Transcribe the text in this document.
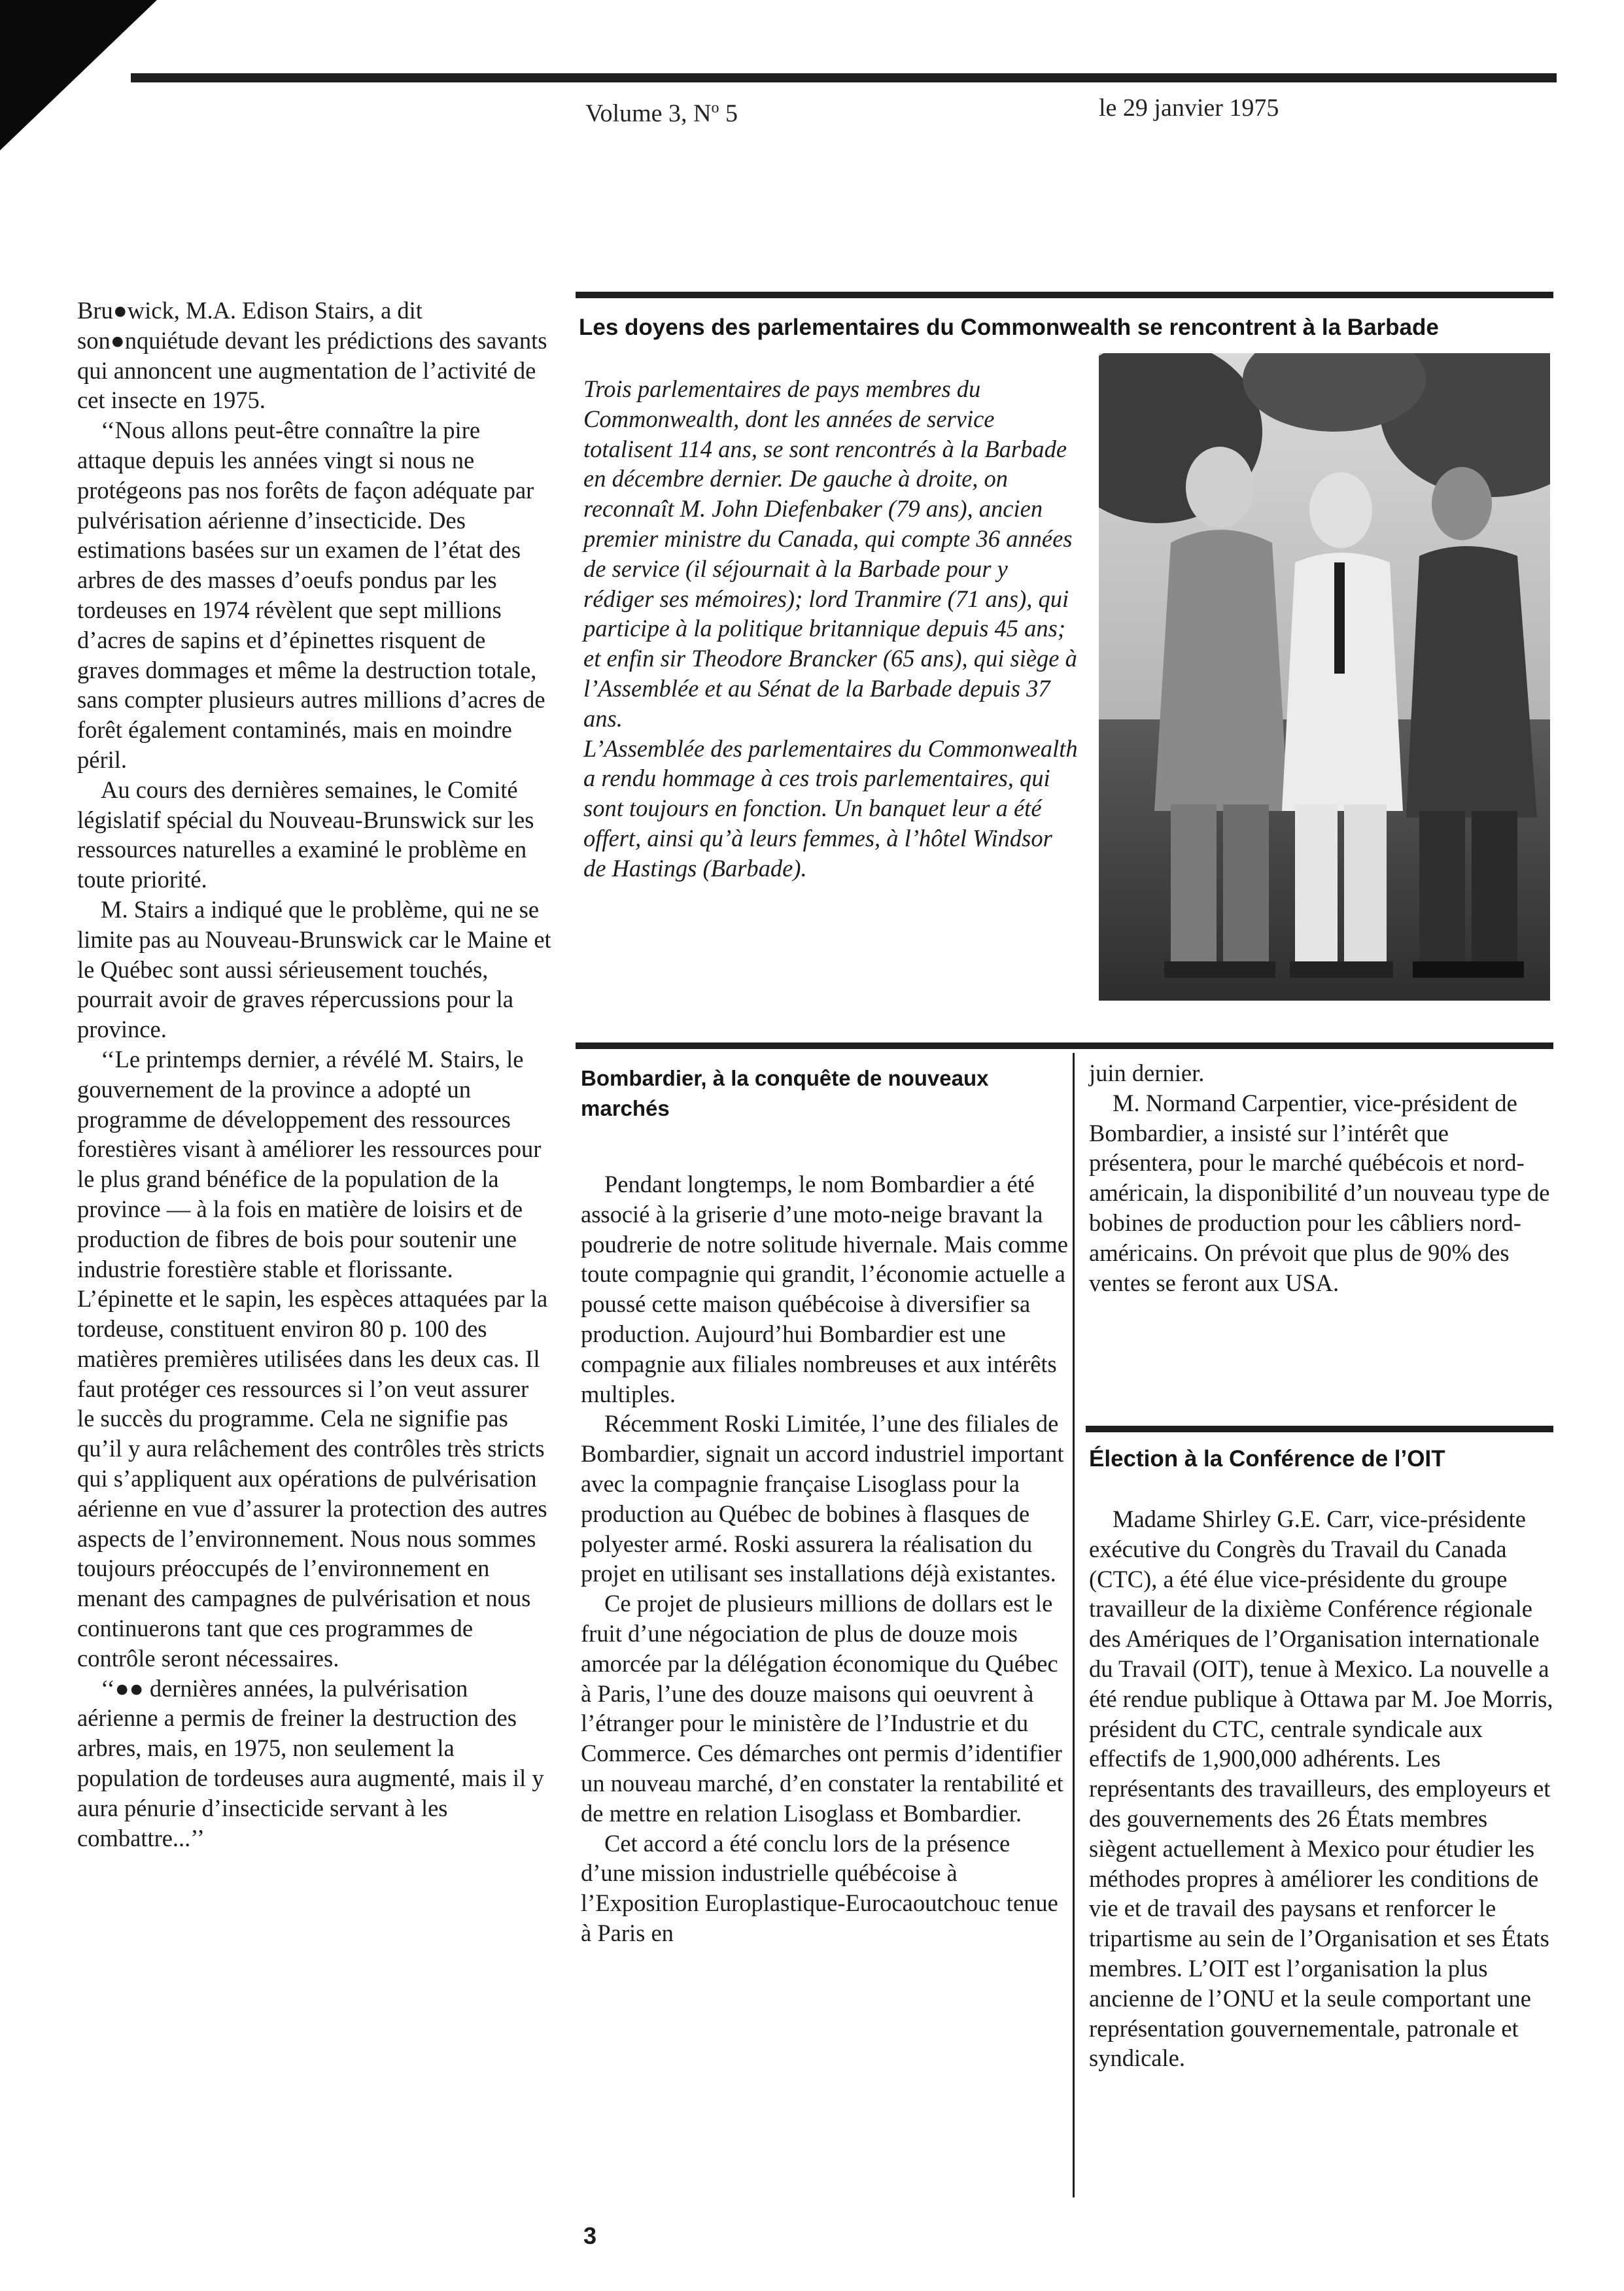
Volume 3, $N^o$ 5	le 29 janvier 1975

Bru●wick, M.A. Edison Stairs, a dit son●nquiétude devant les prédictions des savants qui annoncent une augmentation de l’activité de cet insecte en 1975.

‘‘Nous allons peut-être connaître la pire attaque depuis les années vingt si nous ne protégeons pas nos forêts de façon adéquate par pulvérisation aérienne d’insecticide. Des estimations basées sur un examen de l’état des arbres de des masses d’oeufs pondus par les tordeuses en 1974 révèlent que sept millions d’acres de sapins et d’épinettes risquent de graves dommages et même la destruction totale, sans compter plusieurs autres millions d’acres de forêt également contaminés, mais en moindre péril.

Au cours des dernières semaines, le Comité législatif spécial du Nouveau-Brunswick sur les ressources naturelles a examiné le problème en toute priorité.

M. Stairs a indiqué que le problème, qui ne se limite pas au Nouveau-Brunswick car le Maine et le Québec sont aussi sérieusement touchés, pourrait avoir de graves répercussions pour la province.

‘‘Le printemps dernier, a révélé M. Stairs, le gouvernement de la province a adopté un programme de développement des ressources forestières visant à améliorer les ressources pour le plus grand bénéfice de la population de la province — à la fois en matière de loisirs et de production de fibres de bois pour soutenir une industrie forestière stable et florissante. L’épinette et le sapin, les espèces attaquées par la tordeuse, constituent environ 80 p. 100 des matières premières utilisées dans les deux cas. Il faut protéger ces ressources si l’on veut assurer le succès du programme. Cela ne signifie pas qu’il y aura relâchement des contrôles très stricts qui s’appliquent aux opérations de pulvérisation aérienne en vue d’assurer la protection des autres aspects de l’environnement. Nous nous sommes toujours préoccupés de l’environnement en menant des campagnes de pulvérisation et nous continuerons tant que ces programmes de contrôle seront nécessaires.

‘‘●● dernières années, la pulvérisation aérienne a permis de freiner la destruction des arbres, mais, en 1975, non seulement la population de tordeuses aura augmenté, mais il y aura pénurie d’insecticide servant à les combattre...’’

Les doyens des parlementaires du Commonwealth se rencontrent à la Barbade

Trois parlementaires de pays membres du Commonwealth, dont les années de service totalisent 114 ans, se sont rencontrés à la Barbade en décembre dernier. De gauche à droite, on reconnaît M. John Diefenbaker (79 ans), ancien premier ministre du Canada, qui compte 36 années de service (il séjournait à la Barbade pour y rédiger ses mémoires); lord Tranmire (71 ans), qui participe à la politique britannique depuis 45 ans; et enfin sir Theodore Brancker (65 ans), qui siège à l’Assemblée et au Sénat de la Barbade depuis 37 ans.

L’Assemblée des parlementaires du Commonwealth a rendu hommage à ces trois parlementaires, qui sont toujours en fonction. Un banquet leur a été offert, ainsi qu’à leurs femmes, à l’hôtel Windsor de Hastings (Barbade).

Bombardier, à la conquête de nouveaux marchés

Pendant longtemps, le nom Bombardier a été associé à la griserie d’une moto-neige bravant la poudrerie de notre solitude hivernale. Mais comme toute compagnie qui grandit, l’économie actuelle a poussé cette maison québécoise à diversifier sa production. Aujourd’hui Bombardier est une compagnie aux filiales nombreuses et aux intérêts multiples.

Récemment Roski Limitée, l’une des filiales de Bombardier, signait un accord industriel important avec la compagnie française Lisoglass pour la production au Québec de bobines à flasques de polyester armé. Roski assurera la réalisation du projet en utilisant ses installations déjà existantes.

Ce projet de plusieurs millions de dollars est le fruit d’une négociation de plus de douze mois amorcée par la délégation économique du Québec à Paris, l’une des douze maisons qui oeuvrent à l’étranger pour le ministère de l’Industrie et du Commerce. Ces démarches ont permis d’identifier un nouveau marché, d’en constater la rentabilité et de mettre en relation Lisoglass et Bombardier.

Cet accord a été conclu lors de la présence d’une mission industrielle québécoise à l’Exposition Europlastique-Eurocaoutchouc tenue à Paris en

juin dernier.

M. Normand Carpentier, vice-président de Bombardier, a insisté sur l’intérêt que présentera, pour le marché québécois et nord-américain, la disponibilité d’un nouveau type de bobines de production pour les câbliers nord-américains. On prévoit que plus de 90% des ventes se feront aux USA.

Élection à la Conférence de l’OIT

Madame Shirley G.E. Carr, vice-présidente exécutive du Congrès du Travail du Canada (CTC), a été élue vice-présidente du groupe travailleur de la dixième Conférence régionale des Amériques de l’Organisation internationale du Travail (OIT), tenue à Mexico. La nouvelle a été rendue publique à Ottawa par M. Joe Morris, président du CTC, centrale syndicale aux effectifs de 1,900,000 adhérents. Les représentants des travailleurs, des employeurs et des gouvernements des 26 États membres siègent actuellement à Mexico pour étudier les méthodes propres à améliorer les conditions de vie et de travail des paysans et renforcer le tripartisme au sein de l’Organisation et ses États membres. L’OIT est l’organisation la plus ancienne de l’ONU et la seule comportant une représentation gouvernementale, patronale et syndicale.

3
